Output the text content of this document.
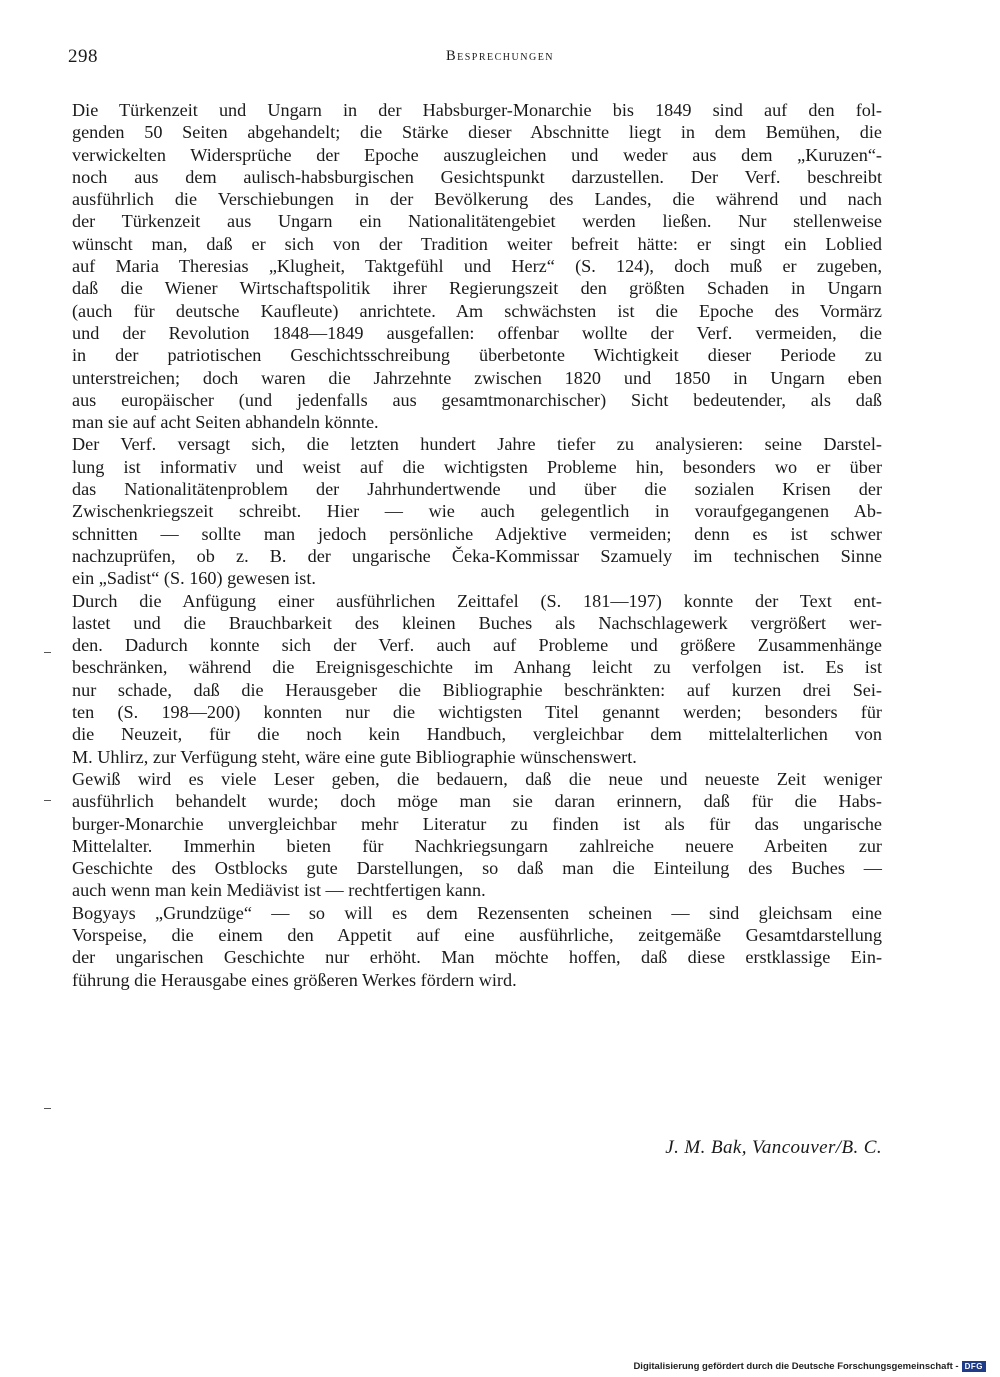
298	Besprechungen
Die Türkenzeit und Ungarn in der Habsburger-Monarchie bis 1849 sind auf den fol-
genden 50 Seiten abgehandelt; die Stärke dieser Abschnitte liegt in dem Bemühen, die
verwickelten Widersprüche der Epoche auszugleichen und weder aus dem „Kuruzen“-
noch aus dem aulisch-habsburgischen Gesichtspunkt darzustellen. Der Verf. beschreibt
ausführlich die Verschiebungen in der Bevölkerung des Landes, die während und nach
der Türkenzeit aus Ungarn ein Nationalitätengebiet werden ließen. Nur stellenweise
wünscht man, daß er sich von der Tradition weiter befreit hätte: er singt ein Loblied
auf Maria Theresias „Klugheit, Taktgefühl und Herz“ (S. 124), doch muß er zugeben,
daß die Wiener Wirtschaftspolitik ihrer Regierungszeit den größten Schaden in Ungarn
(auch für deutsche Kaufleute) anrichtete. Am schwächsten ist die Epoche des Vormärz
und der Revolution 1848—1849 ausgefallen: offenbar wollte der Verf. vermeiden, die
in der patriotischen Geschichtsschreibung überbetonte Wichtigkeit dieser Periode zu
unterstreichen; doch waren die Jahrzehnte zwischen 1820 und 1850 in Ungarn eben
aus europäischer (und jedenfalls aus gesamtmonarchischer) Sicht bedeutender, als daß
man sie auf acht Seiten abhandeln könnte.
Der Verf. versagt sich, die letzten hundert Jahre tiefer zu analysieren: seine Darstel-
lung ist informativ und weist auf die wichtigsten Probleme hin, besonders wo er über
das Nationalitätenproblem der Jahrhundertwende und über die sozialen Krisen der
Zwischenkriegszeit schreibt. Hier — wie auch gelegentlich in voraufgegangenen Ab-
schnitten — sollte man jedoch persönliche Adjektive vermeiden; denn es ist schwer
nachzuprüfen, ob z. B. der ungarische Čeka-Kommissar Szamuely im technischen Sinne
ein „Sadist“ (S. 160) gewesen ist.
Durch die Anfügung einer ausführlichen Zeittafel (S. 181—197) konnte der Text ent-
lastet und die Brauchbarkeit des kleinen Buches als Nachschlagewerk vergrößert wer-
den. Dadurch konnte sich der Verf. auch auf Probleme und größere Zusammenhänge
beschränken, während die Ereignisgeschichte im Anhang leicht zu verfolgen ist. Es ist
nur schade, daß die Herausgeber die Bibliographie beschränkten: auf kurzen drei Sei-
ten (S. 198—200) konnten nur die wichtigsten Titel genannt werden; besonders für
die Neuzeit, für die noch kein Handbuch, vergleichbar dem mittelalterlichen von
M. Uhlirz, zur Verfügung steht, wäre eine gute Bibliographie wünschenswert.
Gewiß wird es viele Leser geben, die bedauern, daß die neue und neueste Zeit weniger
ausführlich behandelt wurde; doch möge man sie daran erinnern, daß für die Habs-
burger-Monarchie unvergleichbar mehr Literatur zu finden ist als für das ungarische
Mittelalter. Immerhin bieten für Nachkriegsungarn zahlreiche neuere Arbeiten zur
Geschichte des Ostblocks gute Darstellungen, so daß man die Einteilung des Buches —
auch wenn man kein Mediävist ist — rechtfertigen kann.
Bogyays „Grundzüge“ — so will es dem Rezensenten scheinen — sind gleichsam eine
Vorspeise, die einem den Appetit auf eine ausführliche, zeitgemäße Gesamtdarstellung
der ungarischen Geschichte nur erhöht. Man möchte hoffen, daß diese erstklassige Ein-
führung die Herausgabe eines größeren Werkes fördern wird.
J. M. Bak, Vancouver/B. C.
Digitalisierung gefördert durch die Deutsche Forschungsgemeinschaft - DFG
